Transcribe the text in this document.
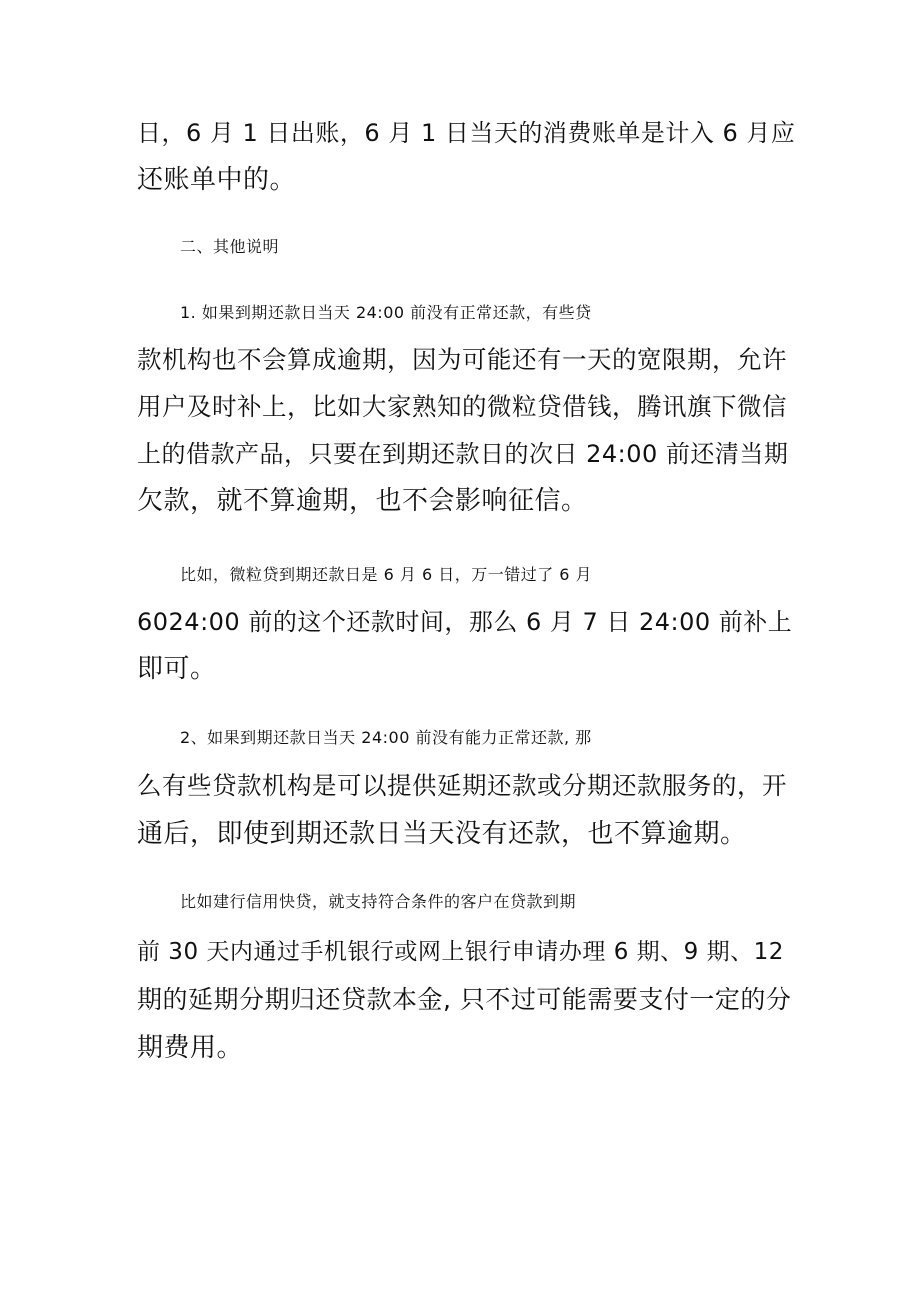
日，6 月 1 日出账，6 月 1 日当天的消费账单是计入 6 月应
还账单中的。
二、其他说明
1. 如果到期还款日当天 24:00 前没有正常还款，有些贷
款机构也不会算成逾期，因为可能还有一天的宽限期，允许
用户及时补上，比如大家熟知的微粒贷借钱，腾讯旗下微信
上的借款产品，只要在到期还款日的次日 24:00 前还清当期
欠款，就不算逾期，也不会影响征信。
比如，微粒贷到期还款日是 6 月 6 日，万一错过了 6 月
6024:00 前的这个还款时间，那么 6 月 7 日 24:00 前补上
即可。
2、如果到期还款日当天 24:00 前没有能力正常还款, 那
么有些贷款机构是可以提供延期还款或分期还款服务的，开
通后，即使到期还款日当天没有还款，也不算逾期。
比如建行信用快贷，就支持符合条件的客户在贷款到期
前 30 天内通过手机银行或网上银行申请办理 6 期、9 期、12
期的延期分期归还贷款本金, 只不过可能需要支付一定的分
期费用。
